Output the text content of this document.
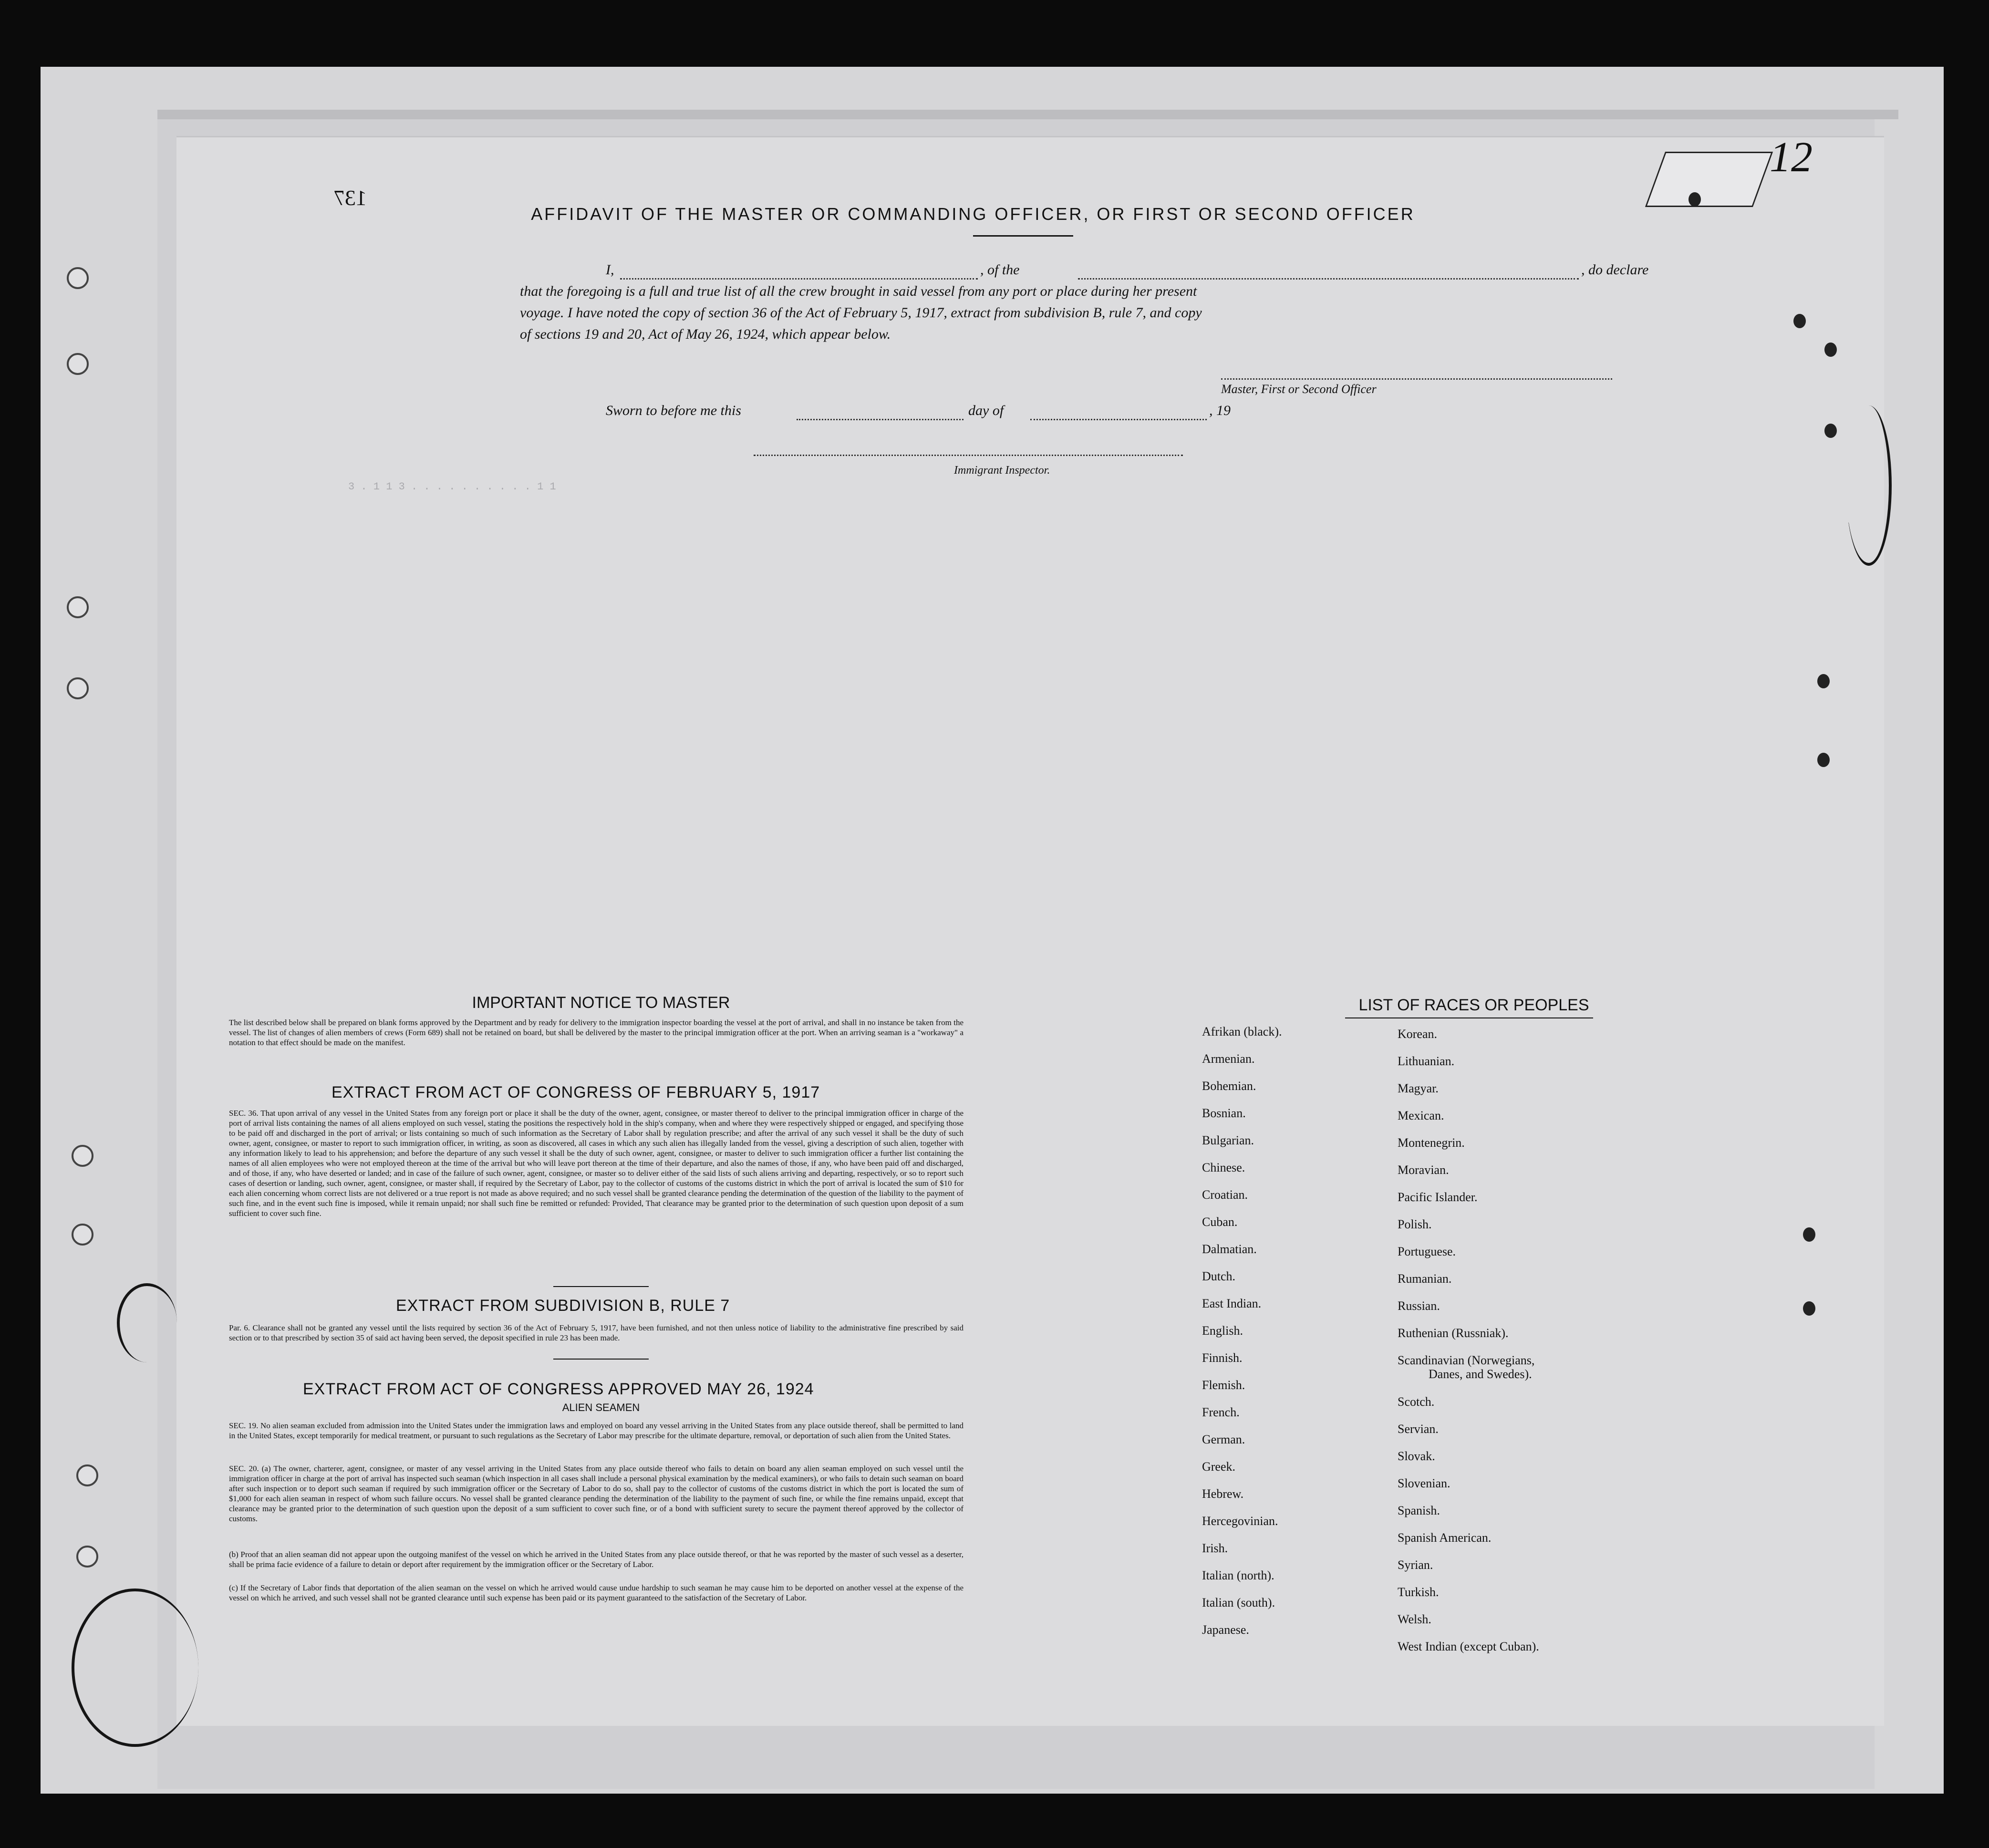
3 . 1 1 3 . . . . . . . . . . 1 1
12
137
AFFIDAVIT OF THE MASTER OR COMMANDING OFFICER, OR FIRST OR SECOND OFFICER
I,	, of the	, do declare
that the foregoing is a full and true list of all the crew brought in said vessel from any port or place during her present
voyage. I have noted the copy of section 36 of the Act of February 5, 1917, extract from subdivision B, rule 7, and copy
of sections 19 and 20, Act of May 26, 1924, which appear below.
Master, First or Second Officer
Sworn to before me this	day of	, 19
Immigrant Inspector.
IMPORTANT NOTICE TO MASTER
The list described below shall be prepared on blank forms approved by the Department and by ready for delivery to the immigration inspector boarding the vessel at the port of arrival, and shall in no instance be taken from the vessel. The list of changes of alien members of crews (Form 689) shall not be retained on board, but shall be delivered by the master to the principal immigration officer at the port. When an arriving seaman is a "workaway" a notation to that effect should be made on the manifest.
EXTRACT FROM ACT OF CONGRESS OF FEBRUARY 5, 1917
SEC. 36. That upon arrival of any vessel in the United States from any foreign port or place it shall be the duty of the owner, agent, consignee, or master thereof to deliver to the principal immigration officer in charge of the port of arrival lists containing the names of all aliens employed on such vessel, stating the positions the respectively hold in the ship's company, when and where they were respectively shipped or engaged, and specifying those to be paid off and discharged in the port of arrival; or lists containing so much of such information as the Secretary of Labor shall by regulation prescribe; and after the arrival of any such vessel it shall be the duty of such owner, agent, consignee, or master to report to such immigration officer, in writing, as soon as discovered, all cases in which any such alien has illegally landed from the vessel, giving a description of such alien, together with any information likely to lead to his apprehension; and before the departure of any such vessel it shall be the duty of such owner, agent, consignee, or master to deliver to such immigration officer a further list containing the names of all alien employees who were not employed thereon at the time of the arrival but who will leave port thereon at the time of their departure, and also the names of those, if any, who have been paid off and discharged, and of those, if any, who have deserted or landed; and in case of the failure of such owner, agent, consignee, or master so to deliver either of the said lists of such aliens arriving and departing, respectively, or so to report such cases of desertion or landing, such owner, agent, consignee, or master shall, if required by the Secretary of Labor, pay to the collector of customs of the customs district in which the port of arrival is located the sum of $10 for each alien concerning whom correct lists are not delivered or a true report is not made as above required; and no such vessel shall be granted clearance pending the determination of the question of the liability to the payment of such fine, and in the event such fine is imposed, while it remain unpaid; nor shall such fine be remitted or refunded: Provided, That clearance may be granted prior to the determination of such question upon deposit of a sum sufficient to cover such fine.
EXTRACT FROM SUBDIVISION B, RULE 7
Par. 6. Clearance shall not be granted any vessel until the lists required by section 36 of the Act of February 5, 1917, have been furnished, and not then unless notice of liability to the administrative fine prescribed by said section or to that prescribed by section 35 of said act having been served, the deposit specified in rule 23 has been made.
EXTRACT FROM ACT OF CONGRESS APPROVED MAY 26, 1924
ALIEN SEAMEN
SEC. 19. No alien seaman excluded from admission into the United States under the immigration laws and employed on board any vessel arriving in the United States from any place outside thereof, shall be permitted to land in the United States, except temporarily for medical treatment, or pursuant to such regulations as the Secretary of Labor may prescribe for the ultimate departure, removal, or deportation of such alien from the United States.
SEC. 20. (a) The owner, charterer, agent, consignee, or master of any vessel arriving in the United States from any place outside thereof who fails to detain on board any alien seaman employed on such vessel until the immigration officer in charge at the port of arrival has inspected such seaman (which inspection in all cases shall include a personal physical examination by the medical examiners), or who fails to detain such seaman on board after such inspection or to deport such seaman if required by such immigration officer or the Secretary of Labor to do so, shall pay to the collector of customs of the customs district in which the port is located the sum of $1,000 for each alien seaman in respect of whom such failure occurs. No vessel shall be granted clearance pending the determination of the liability to the payment of such fine, or while the fine remains unpaid, except that clearance may be granted prior to the determination of such question upon the deposit of a sum sufficient to cover such fine, or of a bond with sufficient surety to secure the payment thereof approved by the collector of customs.
(b) Proof that an alien seaman did not appear upon the outgoing manifest of the vessel on which he arrived in the United States from any place outside thereof, or that he was reported by the master of such vessel as a deserter, shall be prima facie evidence of a failure to detain or deport after requirement by the immigration officer or the Secretary of Labor.
(c) If the Secretary of Labor finds that deportation of the alien seaman on the vessel on which he arrived would cause undue hardship to such seaman he may cause him to be deported on another vessel at the expense of the vessel on which he arrived, and such vessel shall not be granted clearance until such expense has been paid or its payment guaranteed to the satisfaction of the Secretary of Labor.
LIST OF RACES OR PEOPLES
Afrikan (black).
Armenian.
Bohemian.
Bosnian.
Bulgarian.
Chinese.
Croatian.
Cuban.
Dalmatian.
Dutch.
East Indian.
English.
Finnish.
Flemish.
French.
German.
Greek.
Hebrew.
Hercegovinian.
Irish.
Italian (north).
Italian (south).
Japanese.
Korean.
Lithuanian.
Magyar.
Mexican.
Montenegrin.
Moravian.
Pacific Islander.
Polish.
Portuguese.
Rumanian.
Russian.
Ruthenian (Russniak).
Scandinavian (Norwegians,
Danes, and Swedes).
Scotch.
Servian.
Slovak.
Slovenian.
Spanish.
Spanish American.
Syrian.
Turkish.
Welsh.
West Indian (except Cuban).
